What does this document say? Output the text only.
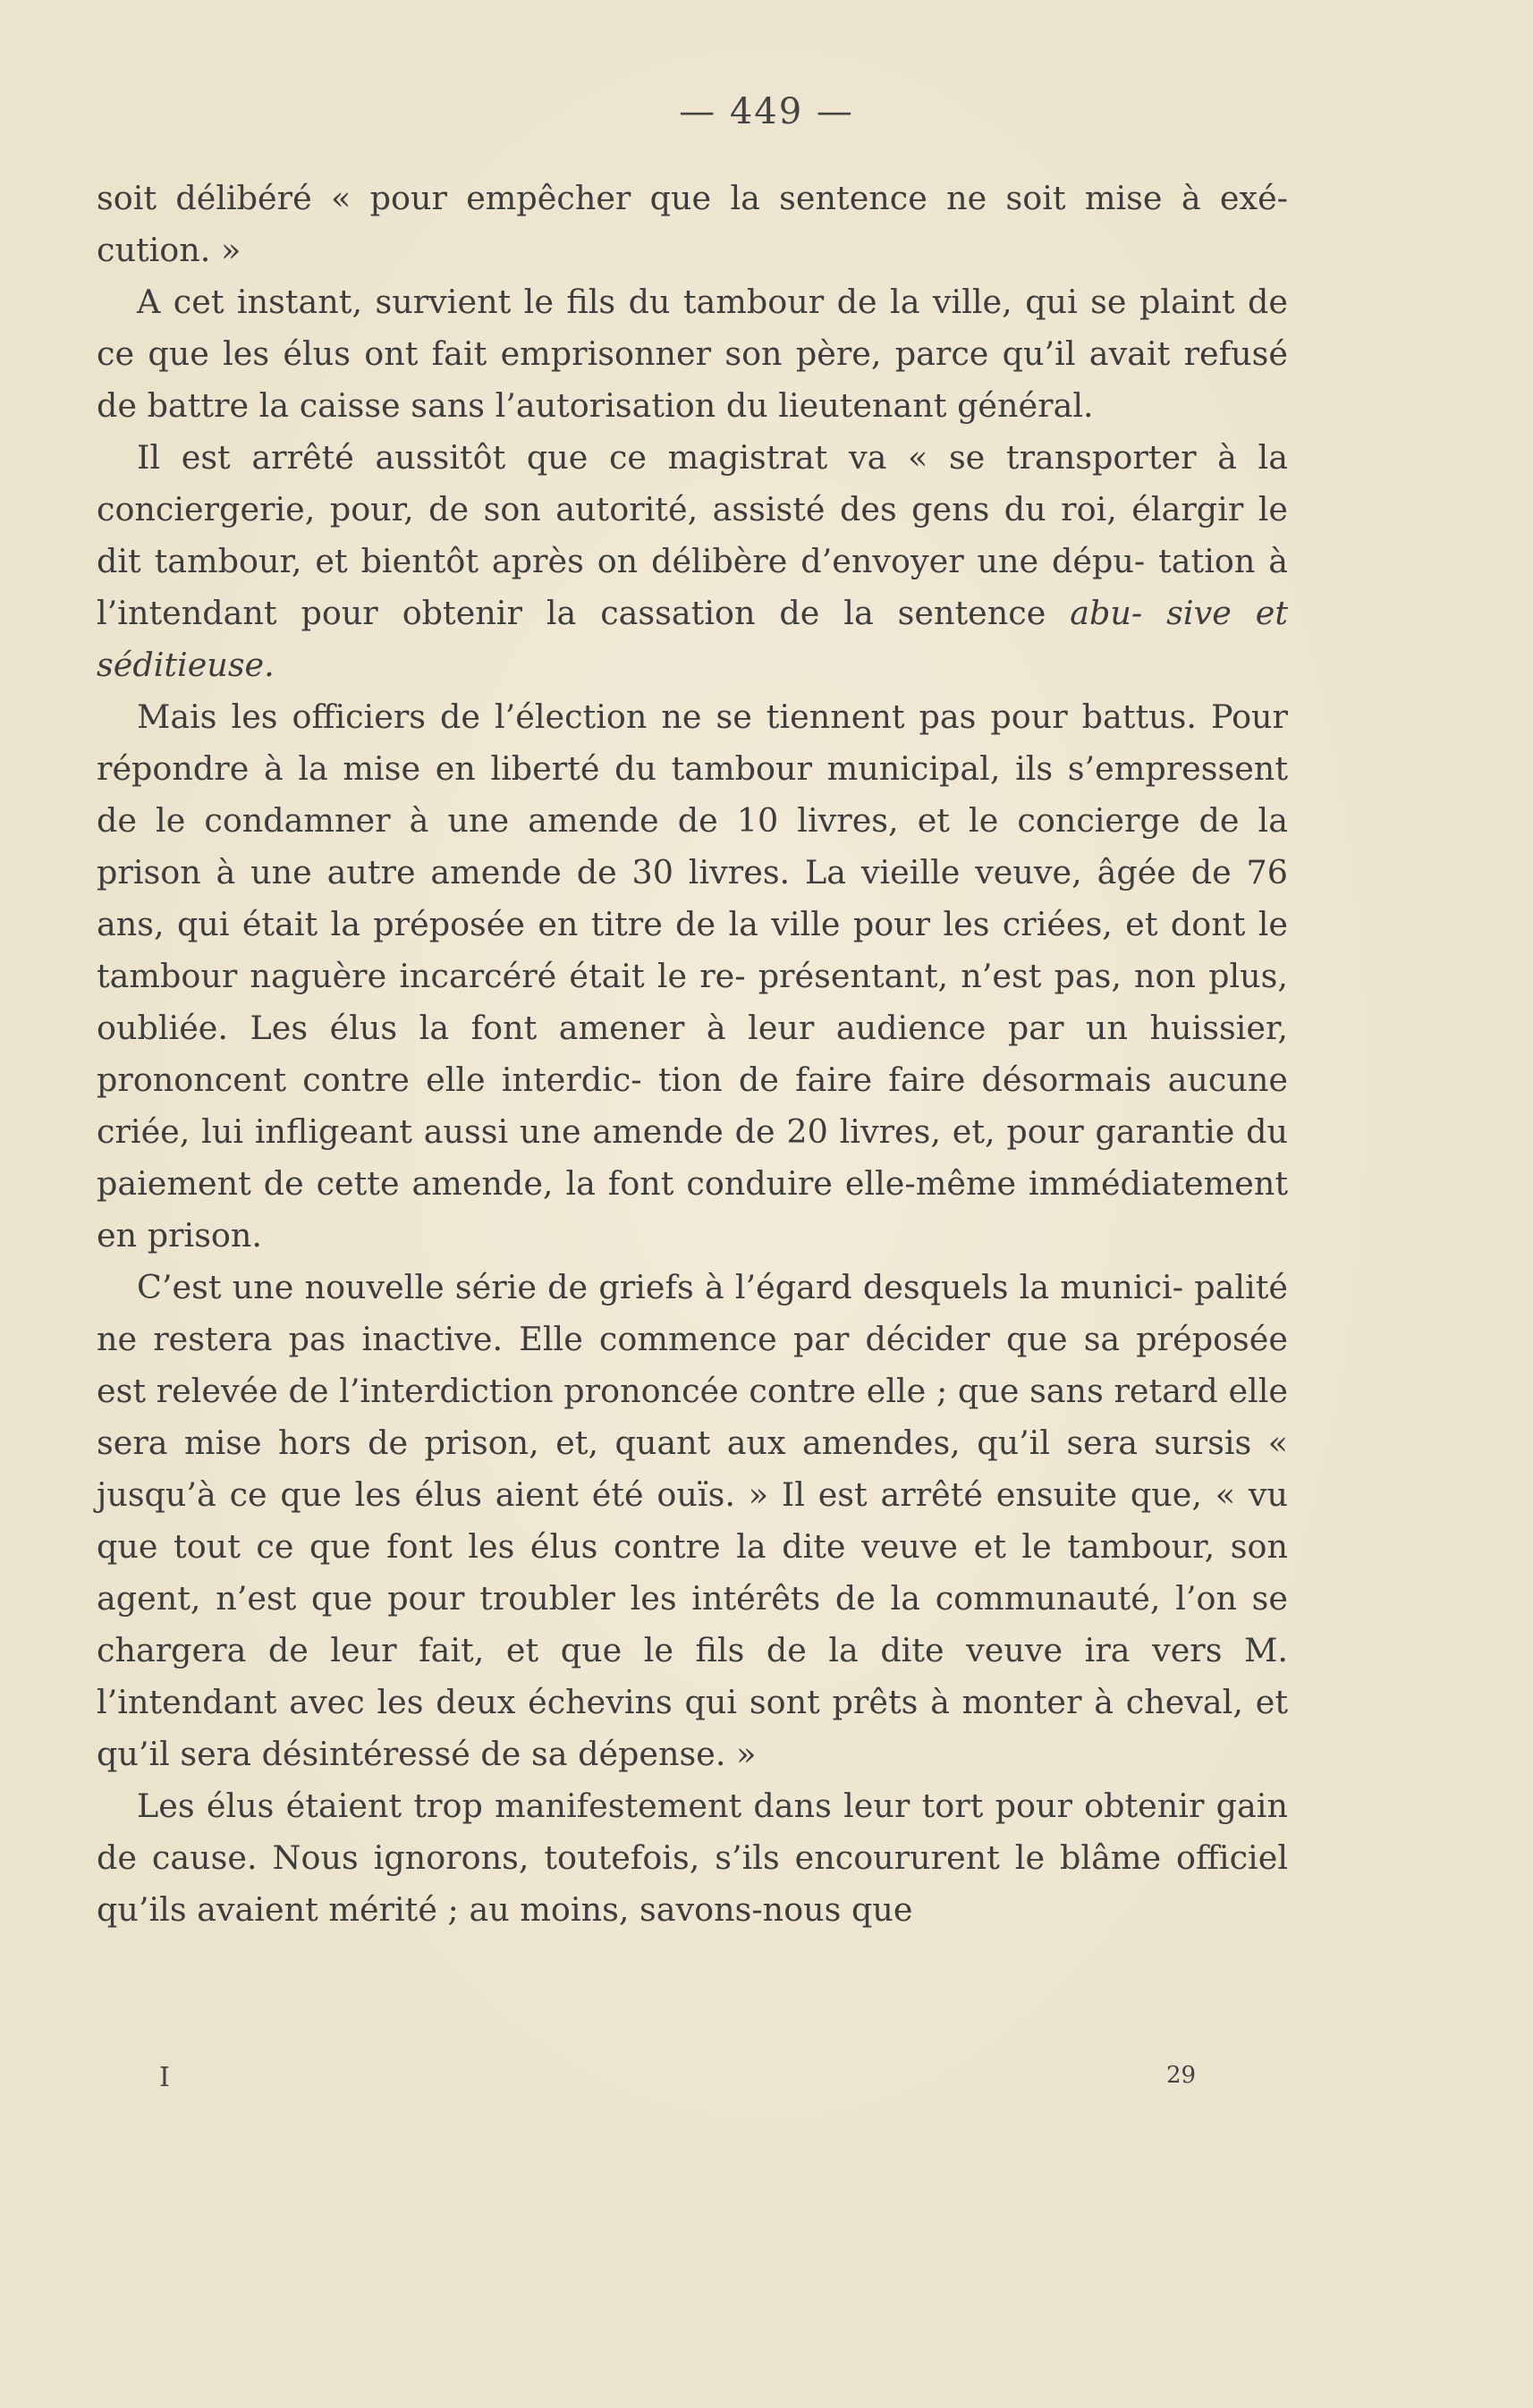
— 449 —

soit délibéré « pour empêcher que la sentence ne soit mise à exé- cution. »

A cet instant, survient le fils du tambour de la ville, qui se plaint de ce que les élus ont fait emprisonner son père, parce qu’il avait refusé de battre la caisse sans l’autorisation du lieutenant général.

Il est arrêté aussitôt que ce magistrat va « se transporter à la conciergerie, pour, de son autorité, assisté des gens du roi, élargir le dit tambour, et bientôt après on délibère d’envoyer une dépu- tation à l’intendant pour obtenir la cassation de la sentence abu- sive et séditieuse.

Mais les officiers de l’élection ne se tiennent pas pour battus. Pour répondre à la mise en liberté du tambour municipal, ils s’empressent de le condamner à une amende de 10 livres, et le concierge de la prison à une autre amende de 30 livres. La vieille veuve, âgée de 76 ans, qui était la préposée en titre de la ville pour les criées, et dont le tambour naguère incarcéré était le re- présentant, n’est pas, non plus, oubliée. Les élus la font amener à leur audience par un huissier, prononcent contre elle interdic- tion de faire faire désormais aucune criée, lui infligeant aussi une amende de 20 livres, et, pour garantie du paiement de cette amende, la font conduire elle-même immédiatement en prison.

C’est une nouvelle série de griefs à l’égard desquels la munici- palité ne restera pas inactive. Elle commence par décider que sa préposée est relevée de l’interdiction prononcée contre elle ; que sans retard elle sera mise hors de prison, et, quant aux amendes, qu’il sera sursis « jusqu’à ce que les élus aient été ouïs. » Il est arrêté ensuite que, « vu que tout ce que font les élus contre la dite veuve et le tambour, son agent, n’est que pour troubler les intérêts de la communauté, l’on se chargera de leur fait, et que le fils de la dite veuve ira vers M. l’intendant avec les deux échevins qui sont prêts à monter à cheval, et qu’il sera désintéressé de sa dépense. »

Les élus étaient trop manifestement dans leur tort pour obtenir gain de cause. Nous ignorons, toutefois, s’ils encoururent le blâme officiel qu’ils avaient mérité ; au moins, savons-nous que

I	29
